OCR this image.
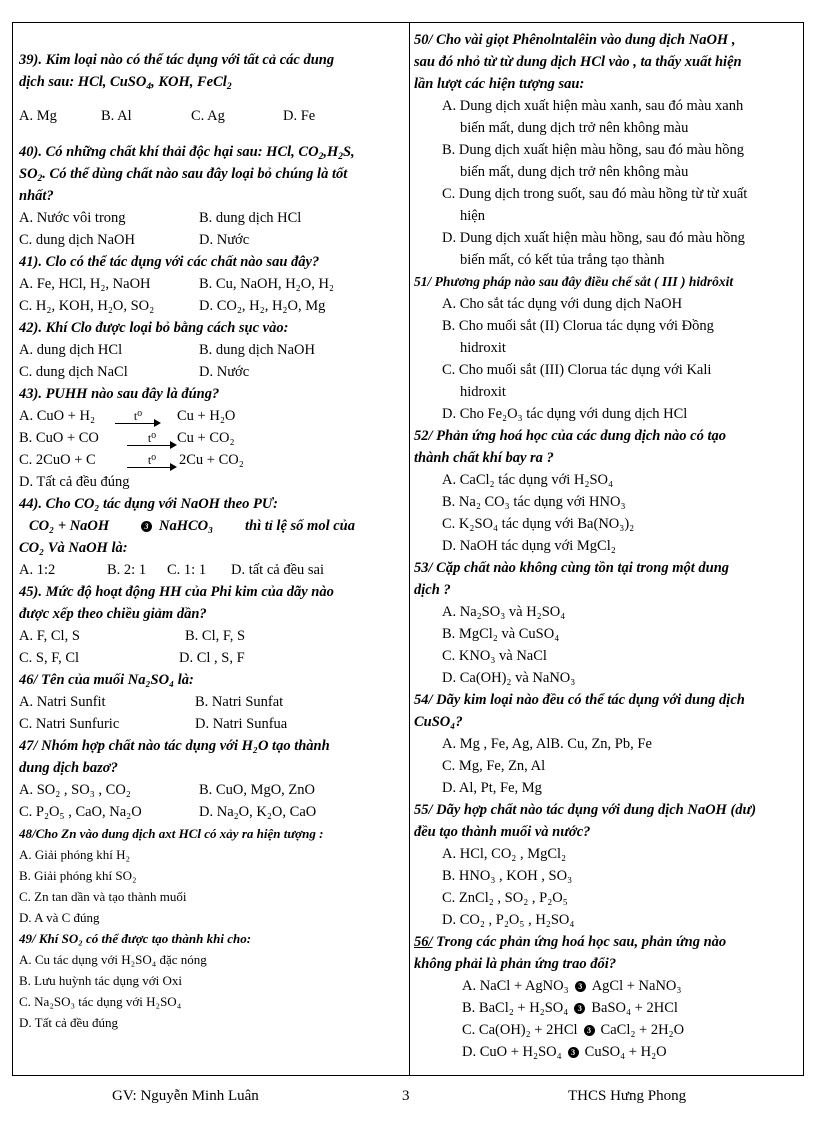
39). Kim loại nào có thể tác dụng với tất cả các dung
dịch sau: HCl, CuSO$_4$, KOH, FeCl$_2$
A. Mg	B. Al	C. Ag	D. Fe
40). Có những chất khí thải độc hại sau: HCl, $CO_2,H_2S$,
$SO_2$. Có thể dùng chất nào sau đây loại bỏ chúng là tốt
nhất?
A. Nước vôi trong	B. dung dịch HCl
C. dung dịch NaOH	D. Nước
41). Clo có thể tác dụng với các chất nào sau đây?
A. Fe, HCl, H₂, NaOH	B. Cu, NaOH, H₂O, H₂
C. H₂, KOH, H₂O, SO₂	D. CO₂, H₂, H₂O, Mg
42). Khí Clo được loại bỏ bằng cách sục vào:
A. dung dịch HCl	B. dung dịch NaOH
C. dung dịch NaCl	D. Nước
43). PUHH nào sau đây là đúng?
A. CuO + H₂	t⁰	Cu + H₂O
B. CuO + CO	t⁰	Cu + CO₂
C. 2CuO + C	t⁰	2Cu + CO₂
D. Tất cả đều đúng
44). Cho CO₂ tác dụng với NaOH theo PƯ:
CO₂ + NaOH	3 NaHCO₃ thì tỉ lệ số mol của
CO₂ Và NaOH là:
A. 1:2	B. 2: 1 C. 1: 1 D. tất cả đều sai
45). Mức độ hoạt động HH của Phi kim của dãy nào
được xếp theo chiều giảm dần?
A. F, Cl, S	B. Cl, F, S
C. S, F, Cl	D. Cl , S, F
46/ Tên của muối Na₂SO₄ là:
A. Natri Sunfit	B. Natri Sunfat
C. Natri Sunfuric	D. Natri Sunfua
47/ Nhóm hợp chất nào tác dụng với H₂O tạo thành
dung dịch bazơ?
A. SO₂ , SO₃ , CO₂	B. CuO, MgO, ZnO
C. P₂O₅ , CaO, Na₂O	D. Na₂O, K₂O, CaO
48/Cho Zn vào dung dịch axt HCl có xảy ra hiện tượng :
A. Giải phóng khí H₂
B. Giải phóng khí SO₂
C. Zn tan dần và tạo thành muối
D. A và C đúng
49/ Khí SO₂ có thể được tạo thành khi cho:
A. Cu tác dụng với H₂SO₄ đặc nóng
B. Lưu huỳnh tác dụng với Oxi
C. Na₂SO₃ tác dụng với H₂SO₄
D. Tất cả đều đúng
50/ Cho vài giọt Phênolntalêin vào dung dịch NaOH ,
sau đó nhỏ từ từ dung dịch HCl vào , ta thấy xuất hiện
lần lượt các hiện tượng sau:
A. Dung dịch xuất hiện màu xanh, sau đó màu xanh
biến mất, dung dịch trở nên không màu
B. Dung dịch xuất hiện màu hồng, sau đó màu hồng
biến mất, dung dịch trở nên không màu
C. Dung dịch trong suốt, sau đó màu hồng từ từ xuất
hiện
D. Dung dịch xuất hiện màu hồng, sau đó màu hồng
biến mất, có kết tủa trắng tạo thành
51/ Phương pháp nào sau đây điều chế sắt ( III ) hidrôxit
A. Cho sắt tác dụng với dung dịch NaOH
B. Cho muối sắt (II) Clorua tác dụng với Đồng
hidroxit
C. Cho muối sắt (III) Clorua tác dụng với Kali
hidroxit
D. Cho Fe₂O₃ tác dụng với dung dịch HCl
52/ Phản ứng hoá học của các dung dịch nào có tạo
thành chất khí bay ra ?
A. CaCl₂ tác dụng với H₂SO₄
B. Na₂ CO₃ tác dụng với HNO₃
C. K₂SO₄ tác dụng với Ba(NO₃)₂
D. NaOH tác dụng với MgCl₂
53/ Cặp chất nào không cùng tồn tại trong một dung
dịch ?
A. Na₂SO₃ và H₂SO₄
B. MgCl₂ và CuSO₄
C. KNO₃ và NaCl
D. Ca(OH)₂ và NaNO₃
54/ Dãy kim loại nào đều có thể tác dụng với dung dịch
CuSO₄?
A. Mg , Fe, Ag, AlB. Cu, Zn, Pb, Fe
C. Mg, Fe, Zn, Al
D. Al, Pt, Fe, Mg
55/ Dãy hợp chất nào tác dụng với dung dịch NaOH (dư)
đều tạo thành muối và nước?
A. HCl, CO₂ , MgCl₂
B. HNO₃ , KOH , SO₃
C. ZnCl₂ , SO₂ , P₂O₅
D. CO₂ , P₂O₅ , H₂SO₄
56/ Trong các phản ứng hoá học sau, phản ứng nào
không phải là phản ứng trao đổi?
A. NaCl + AgNO₃ 3 AgCl + NaNO₃
B. BaCl₂ + H₂SO₄ 3 BaSO₄ + 2HCl
C. Ca(OH)₂ + 2HCl 3 CaCl₂ + 2H₂O
D. CuO + H₂SO₄ 3 CuSO₄ + H₂O
GV: Nguyễn Minh Luân	3	THCS Hưng Phong
